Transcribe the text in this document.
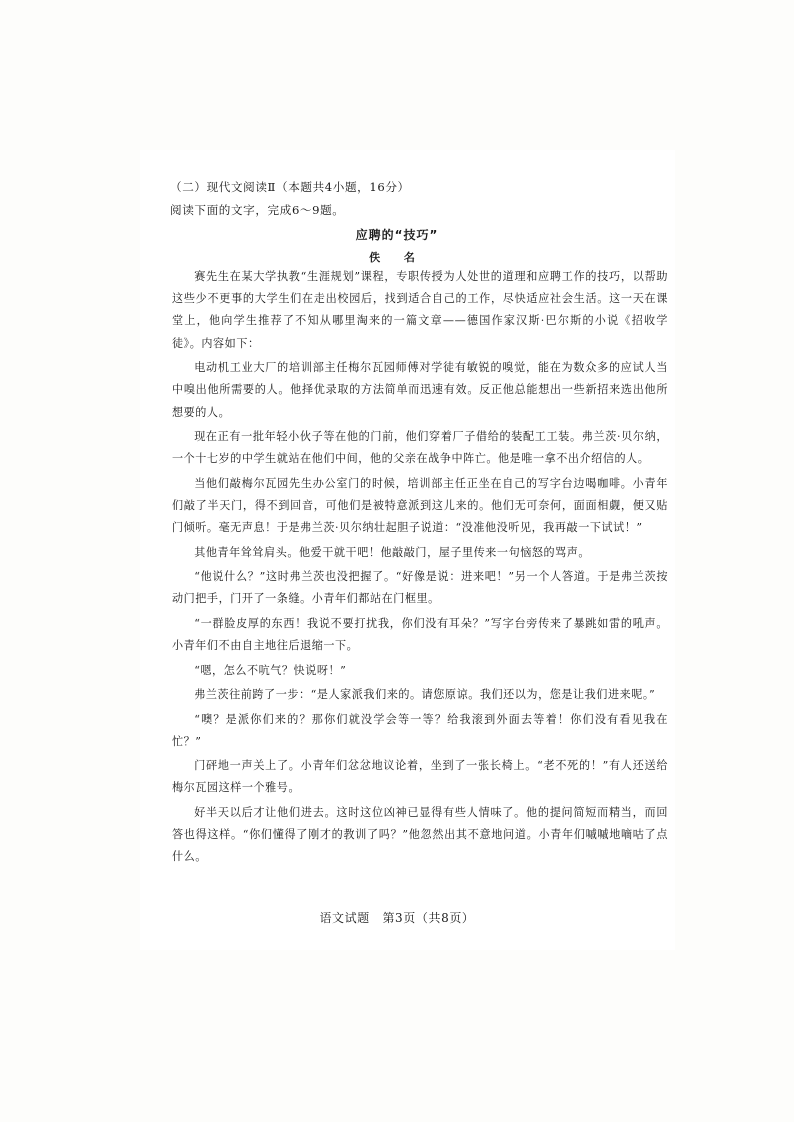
（二）现代文阅读Ⅱ（本题共4小题，16分）
阅读下面的文字，完成6～9题。
应聘的“技巧”
佚 名

赛先生在某大学执教“生涯规划”课程，专职传授为人处世的道理和应聘工作的技巧，以帮助这些少不更事的大学生们在走出校园后，找到适合自己的工作，尽快适应社会生活。这一天在课堂上，他向学生推荐了不知从哪里淘来的一篇文章——德国作家汉斯·巴尔斯的小说《招收学徒》。内容如下：

电动机工业大厂的培训部主任梅尔瓦园师傅对学徒有敏锐的嗅觉，能在为数众多的应试人当中嗅出他所需要的人。他择优录取的方法简单而迅速有效。反正他总能想出一些新招来选出他所想要的人。

现在正有一批年轻小伙子等在他的门前，他们穿着厂子借给的装配工工装。弗兰茨·贝尔纳，一个十七岁的中学生就站在他们中间，他的父亲在战争中阵亡。他是唯一拿不出介绍信的人。

当他们敲梅尔瓦园先生办公室门的时候，培训部主任正坐在自己的写字台边喝咖啡。小青年们敲了半天门，得不到回音，可他们是被特意派到这儿来的。他们无可奈何，面面相觑，便又贴门倾听。毫无声息！于是弗兰茨·贝尔纳壮起胆子说道：“没准他没听见，我再敲一下试试！”

其他青年耸耸肩头。他爱干就干吧！他敲敲门，屋子里传来一句恼怒的骂声。

“他说什么？”这时弗兰茨也没把握了。“好像是说：进来吧！”另一个人答道。于是弗兰茨按动门把手，门开了一条缝。小青年们都站在门框里。

“一群脸皮厚的东西！我说不要打扰我，你们没有耳朵？”写字台旁传来了暴跳如雷的吼声。小青年们不由自主地往后退缩一下。

“嗯，怎么不吭气？快说呀！”

弗兰茨往前跨了一步：“是人家派我们来的。请您原谅。我们还以为，您是让我们进来呢。”

“噢？是派你们来的？那你们就没学会等一等？给我滚到外面去等着！你们没有看见我在忙？”

门砰地一声关上了。小青年们忿忿地议论着，坐到了一张长椅上。“老不死的！”有人还送给梅尔瓦园这样一个雅号。

好半天以后才让他们进去。这时这位凶神已显得有些人情味了。他的提问简短而精当，而回答也得这样。“你们懂得了刚才的教训了吗？”他忽然出其不意地问道。小青年们嘁嘁地嘀咕了点什么。

语文试题　第3页（共8页）
